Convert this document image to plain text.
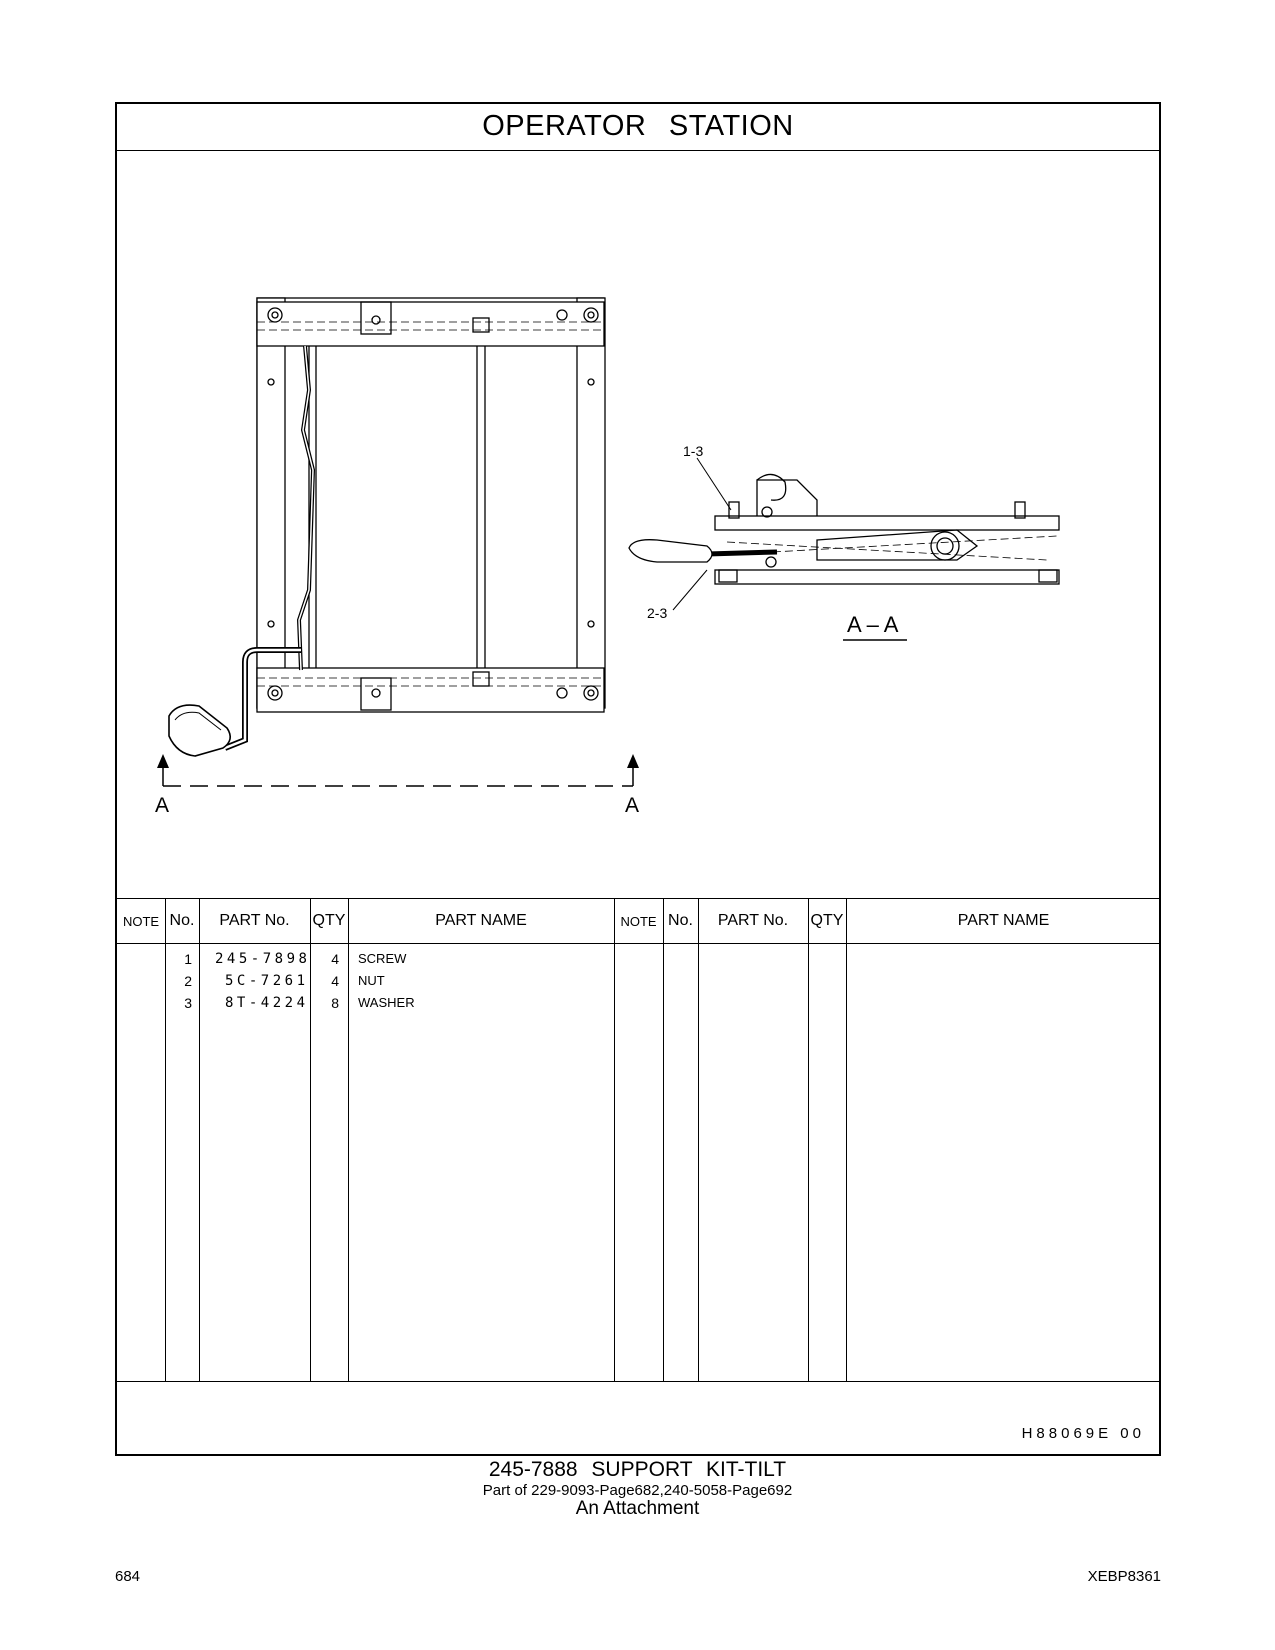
OPERATOR STATION
1-3
2-3	A – A
A	A
NOTE No.	PART No.	QTY	PART NAME	NOTE No.	PART No.	QTY	PART NAME
1 245-7898	4 SCREW
2 5C-7261	4 NUT
3 8T-4224	8 WASHER
H88069E 00
245-7888 SUPPORT KIT-TILT
Part of 229-9093-Page682,240-5058-Page692
An Attachment
684	XEBP8361
